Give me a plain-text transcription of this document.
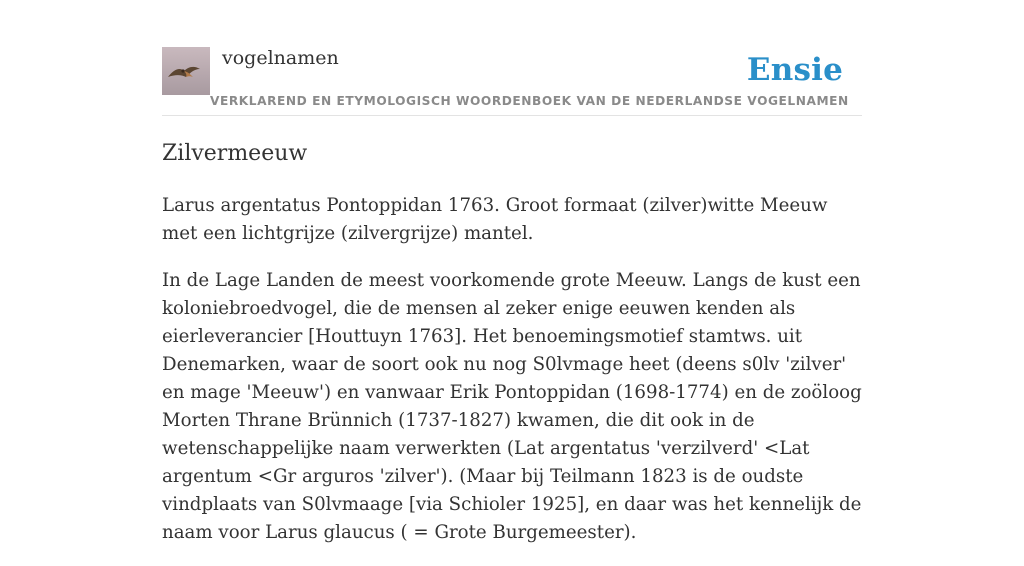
vogelnamen	Ensie
VERKLAREND EN ETYMOLOGISCH WOORDENBOEK VAN DE NEDERLANDSE VOGELNAMEN
Zilvermeeuw

Larus argentatus Pontoppidan 1763. Groot formaat (zilver)witte Meeuw met een lichtgrijze (zilvergrijze) mantel.

In de Lage Landen de meest voorkomende grote Meeuw. Langs de kust een koloniebroedvogel, die de mensen al zeker enige eeuwen kenden als eierleverancier [Houttuyn 1763]. Het benoemingsmotief stamtws. uit Denemarken, waar de soort ook nu nog S0lvmage heet (deens s0lv 'zilver' en mage 'Meeuw') en vanwaar Erik Pontoppidan (1698-1774) en de zoöloog Morten Thrane Brünnich (1737-1827) kwamen, die dit ook in de wetenschappelijke naam verwerkten (Lat argentatus 'verzilverd' <Lat argentum <Gr arguros 'zilver'). (Maar bij Teilmann 1823 is de oudste vindplaats van S0lvmaage [via Schioler 1925], en daar was het kennelijk de naam voor Larus glaucus ( = Grote Burgemeester).
